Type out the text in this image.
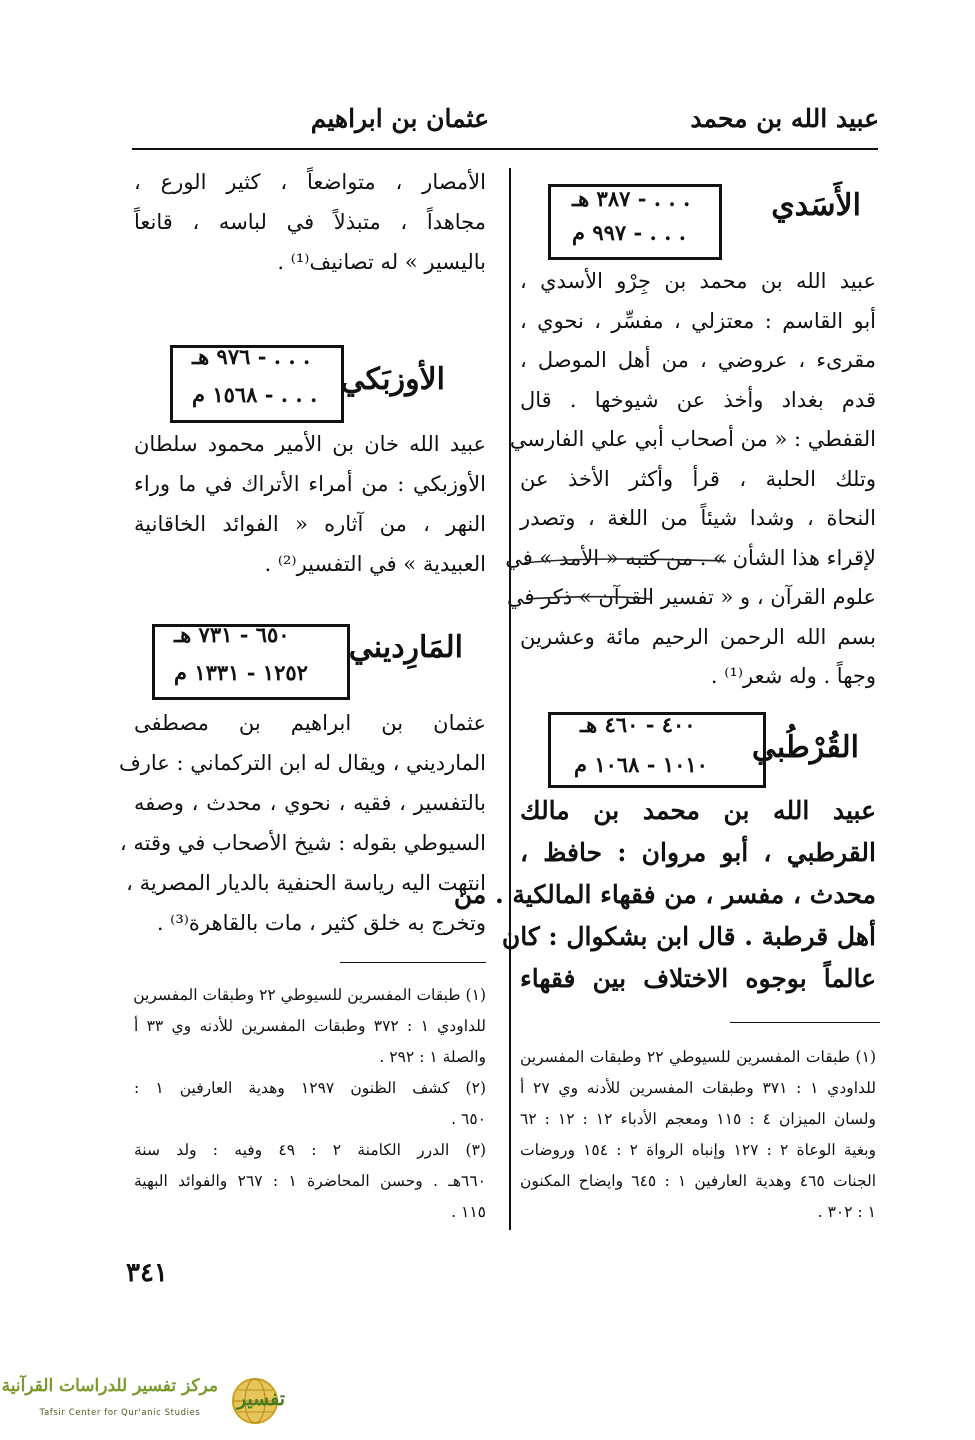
عبيد الله بن محمد
عثمان بن ابراهيم
الأَسَدي
. . . - ٣٨٧ هـ
. . . - ٩٩٧ م
عبيد الله بن محمد بن جِرْو الأسدي ،
أبو القاسم : معتزلي ، مفسِّر ، نحوي ،
مقرىء ، عروضي ، من أهل الموصل ،
قدم بغداد وأخذ عن شيوخها . قال
القفطي : « من أصحاب أبي علي الفارسي
وتلك الحلبة ، قرأ وأكثر الأخذ عن
النحاة ، وشدا شيئاً من اللغة ، وتصدر
لإقراء هذا الشأن » . من كتبه « الأمد » في
علوم القرآن ، و « تفسير القرآن » ذكر في
بسم الله الرحمن الرحيم مائة وعشرين
وجهاً . وله شعر⁽¹⁾ .
القُرْطُبي
٤٠٠ - ٤٦٠ هـ
١٠١٠ - ١٠٦٨ م
عبيد الله بن محمد بن مالك
القرطبي ، أبو مروان : حافظ ،
محدث ، مفسر ، من فقهاء المالكية . من
أهل قرطبة . قال ابن بشكوال : كان
عالماً بوجوه الاختلاف بين فقهاء
(١) طبقات المفسرين للسيوطي ٢٢ وطبقات المفسرين
للداودي ١ : ٣٧١ وطبقات المفسرين للأدنه وي ٢٧ أ
ولسان الميزان ٤ : ١١٥ ومعجم الأدباء ١٢ : ١٢ : ٦٢
وبغية الوعاة ٢ : ١٢٧ وإنباه الرواة ٢ : ١٥٤ وروضات
الجنات ٤٦٥ وهدية العارفين ١ : ٦٤٥ وايضاح المكنون
١ : ٣٠٢ .
الأمصار ، متواضعاً ، كثير الورع ،
مجاهداً ، متبذلاً في لباسه ، قانعاً
باليسير » له تصانيف⁽¹⁾ .
الأوزبَكي
. . . - ٩٧٦ هـ
. . . - ١٥٦٨ م
عبيد الله خان بن الأمير محمود سلطان
الأوزبكي : من أمراء الأتراك في ما وراء
النهر ، من آثاره « الفوائد الخاقانية
العبيدية » في التفسير⁽²⁾ .
المَارِديني
٦٥٠ - ٧٣١ هـ
١٢٥٢ - ١٣٣١ م
عثمان بن ابراهيم بن مصطفى
المارديني ، ويقال له ابن التركماني : عارف
بالتفسير ، فقيه ، نحوي ، محدث ، وصفه
السيوطي بقوله : شيخ الأصحاب في وقته ،
انتهت اليه رياسة الحنفية بالديار المصرية ،
وتخرج به خلق كثير ، مات بالقاهرة⁽³⁾ .
(١) طبقات المفسرين للسيوطي ٢٢ وطبقات المفسرين
للداودي ١ : ٣٧٢ وطبقات المفسرين للأدنه وي ٣٣ أ
والصلة ١ : ٢٩٢ .
(٢) كشف الظنون ١٢٩٧ وهدية العارفين ١ :
٦٥٠ .
(٣) الدرر الكامنة ٢ : ٤٩ وفيه : ولد سنة
٦٦٠هـ . وحسن المحاضرة ١ : ٢٦٧ والفوائد البهية
١١٥ .
٣٤١
مركز تفسير للدراسات القرآنية
Tafsir Center for Qur'anic Studies
تفسير
